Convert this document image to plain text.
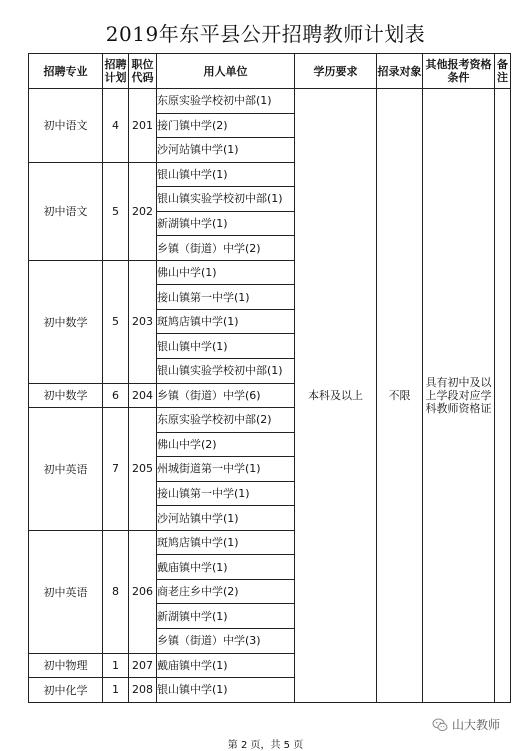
2019年东平县公开招聘教师计划表
招聘专业	招聘计划	职位代码	用人单位	学历要求	招录对象	其他报考资格条件	备注
初中语文	4	201	东原实验学校初中部(1)	本科及以上	不限	具有初中及以上学段对应学科教师资格证	
			接门镇中学(2)				
			沙河站镇中学(1)				
初中语文	5	202	银山镇中学(1)				
			银山镇实验学校初中部(1)				
			新湖镇中学(1)				
			乡镇（街道）中学(2)				
初中数学	5	203	佛山中学(1)				
			接山镇第一中学(1)				
			斑鸠店镇中学(1)				
			银山镇中学(1)				
			银山镇实验学校初中部(1)				
初中数学	6	204	乡镇（街道）中学(6)				
初中英语	7	205	东原实验学校初中部(2)				
			佛山中学(2)				
			州城街道第一中学(1)				
			接山镇第一中学(1)				
			沙河站镇中学(1)				
初中英语	8	206	斑鸠店镇中学(1)				
			戴庙镇中学(1)				
			商老庄乡中学(2)				
			新湖镇中学(1)				
			乡镇（街道）中学(3)				
初中物理	1	207	戴庙镇中学(1)				
初中化学	1	208	银山镇中学(1)				
第 2 页，共 5 页
山大教师
